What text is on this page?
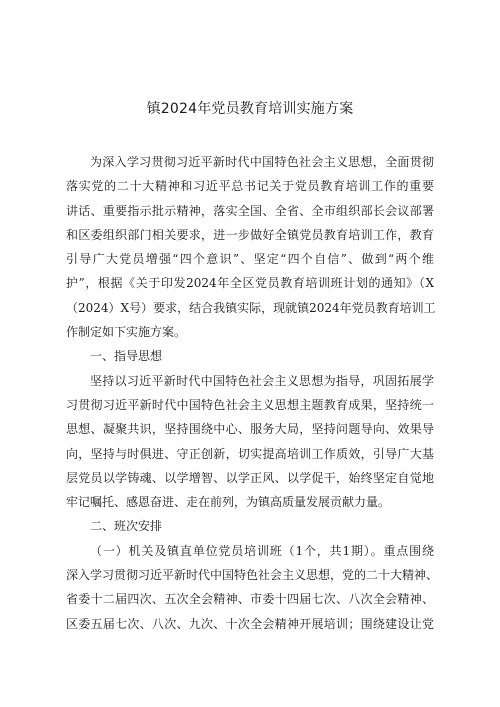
镇2024年党员教育培训实施方案
为深入学习贯彻习近平新时代中国特色社会主义思想，全面贯彻
落实党的二十大精神和习近平总书记关于党员教育培训工作的重要
讲话、重要指示批示精神，落实全国、全省、全市组织部长会议部署
和区委组织部门相关要求，进一步做好全镇党员教育培训工作，教育
引导广大党员增强“四个意识”、坚定“四个自信”、做到“两个维
护”，根据《关于印发2024年全区党员教育培训班计划的通知》（X
（2024）X号）要求，结合我镇实际，现就镇2024年党员教育培训工
作制定如下实施方案。
一、指导思想
坚持以习近平新时代中国特色社会主义思想为指导，巩固拓展学
习贯彻习近平新时代中国特色社会主义思想主题教育成果，坚持统一
思想、凝聚共识，坚持围绕中心、服务大局，坚持问题导向、效果导
向，坚持与时俱进、守正创新，切实提高培训工作质效，引导广大基
层党员以学铸魂、以学增智、以学正风、以学促干，始终坚定自觉地
牢记嘱托、感恩奋进、走在前列，为镇高质量发展贡献力量。
二、班次安排
（一）机关及镇直单位党员培训班（1个，共1期）。重点围绕
深入学习贯彻习近平新时代中国特色社会主义思想，党的二十大精神、
省委十二届四次、五次全会精神、市委十四届七次、八次全会精神、
区委五届七次、八次、九次、十次全会精神开展培训；围绕建设让党
